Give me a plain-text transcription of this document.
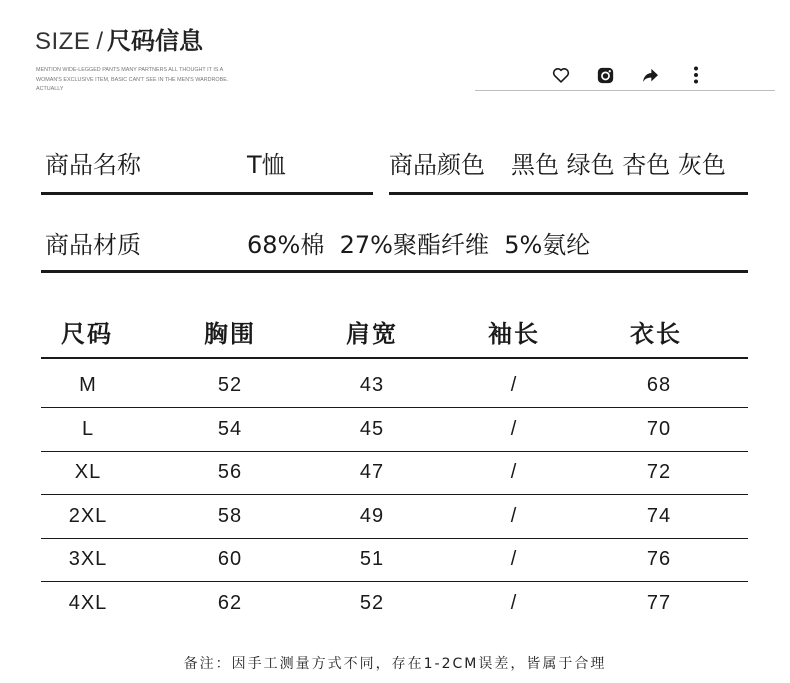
SIZE / 尺码信息
MENTION WIDE-LEGGED PANTS MANY PARTNERS ALL THOUGHT IT IS A WOMAN'S EXCLUSIVE ITEM, BASIC CAN'T SEE IN THE MEN'S WARDROBE. ACTUALLY
商品名称	T恤	商品颜色 黑色 绿色 杏色 灰色
商品材质	68%棉  27%聚酯纤维  5%氨纶
尺码	胸围	肩宽	袖长	衣长
M	52	43	/	68
L	54	45	/	70
XL	56	47	/	72
2XL	58	49	/	74
3XL	60	51	/	76
4XL	62	52	/	77
备注：因手工测量方式不同，存在1-2CM误差，皆属于合理
